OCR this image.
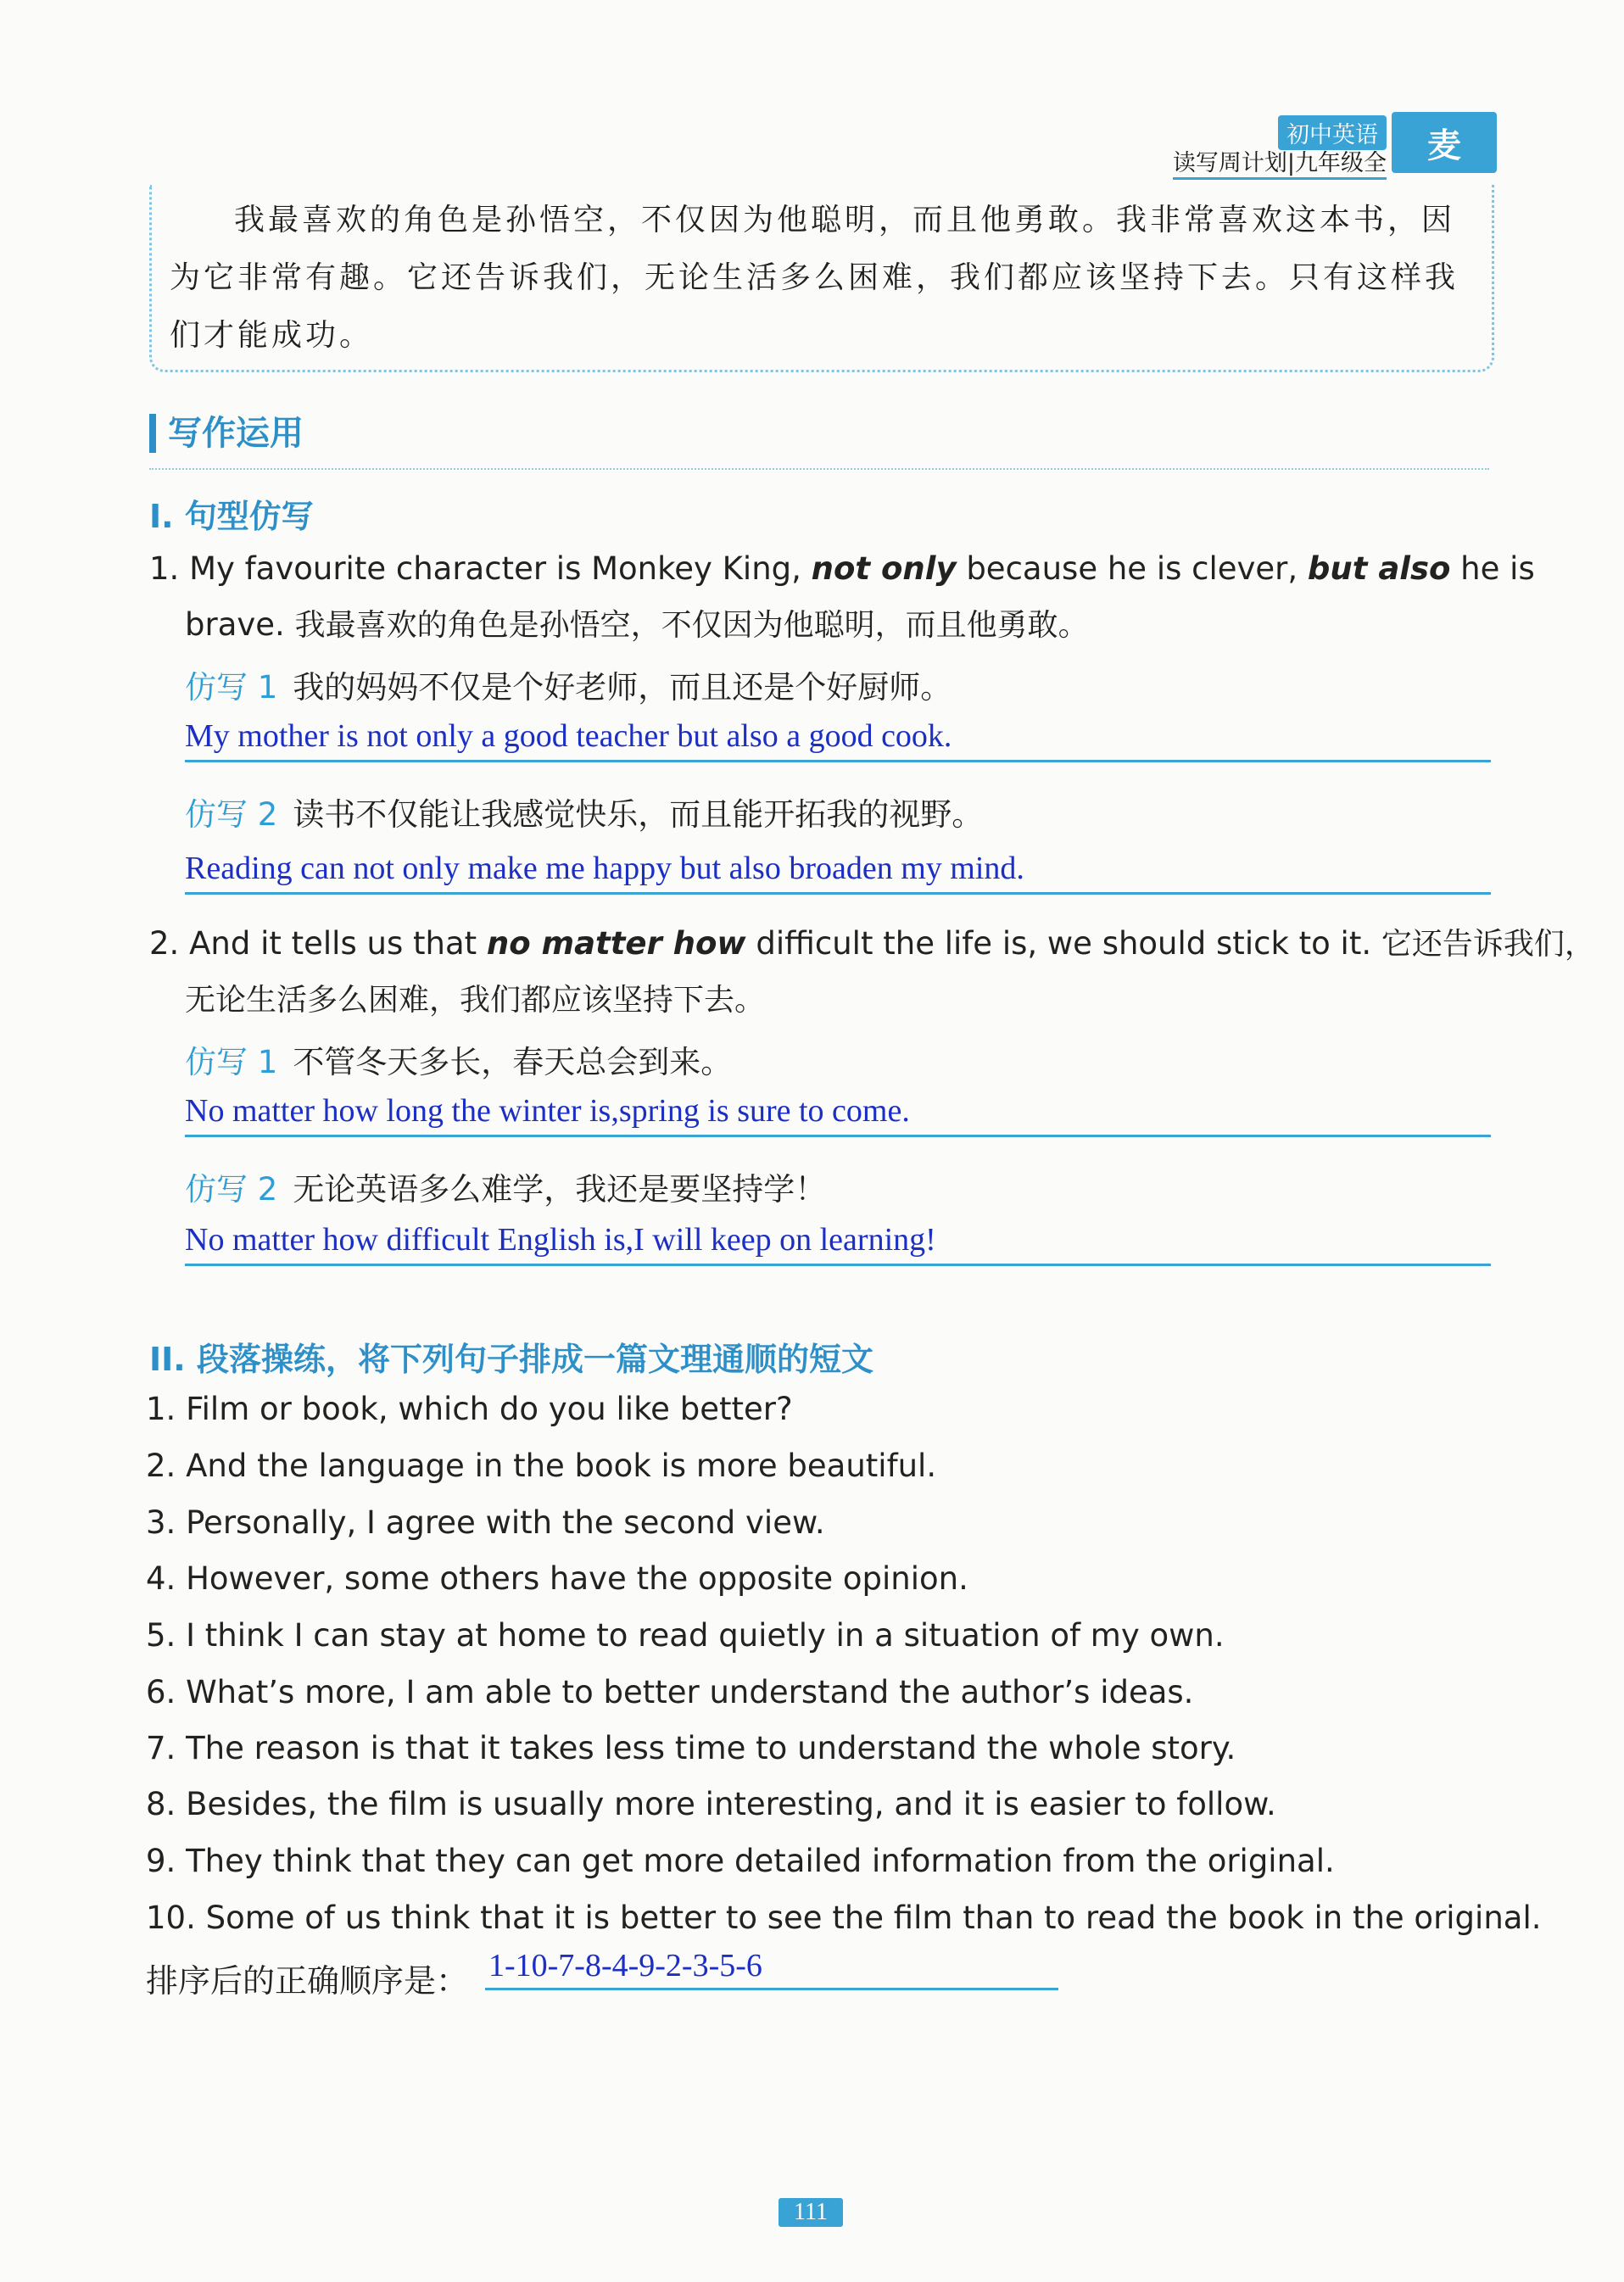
初中英语
读写周计划|九年级全	麦
我最喜欢的角色是孙悟空，不仅因为他聪明，而且他勇敢。我非常喜欢这本书，因为它非常有趣。它还告诉我们，无论生活多么困难，我们都应该坚持下去。只有这样我们才能成功。
写作运用
I. 句型仿写
1. My favourite character is Monkey King, not only because he is clever, but also he is
brave. 我最喜欢的角色是孙悟空，不仅因为他聪明，而且他勇敢。
仿写 1 我的妈妈不仅是个好老师，而且还是个好厨师。
My mother is not only a good teacher but also a good cook.
仿写 2 读书不仅能让我感觉快乐，而且能开拓我的视野。
Reading can not only make me happy but also broaden my mind.
2. And it tells us that no matter how difficult the life is, we should stick to it. 它还告诉我们，
无论生活多么困难，我们都应该坚持下去。
仿写 1 不管冬天多长，春天总会到来。
No matter how long the winter is,spring is sure to come.
仿写 2 无论英语多么难学，我还是要坚持学！
No matter how difficult English is,I will keep on learning!
II. 段落操练，将下列句子排成一篇文理通顺的短文
1. Film or book, which do you like better?
2. And the language in the book is more beautiful.
3. Personally, I agree with the second view.
4. However, some others have the opposite opinion.
5. I think I can stay at home to read quietly in a situation of my own.
6. What’s more, I am able to better understand the author’s ideas.
7. The reason is that it takes less time to understand the whole story.
8. Besides, the film is usually more interesting, and it is easier to follow.
9. They think that they can get more detailed information from the original.
10. Some of us think that it is better to see the film than to read the book in the original.
排序后的正确顺序是： 1-10-7-8-4-9-2-3-5-6
111
